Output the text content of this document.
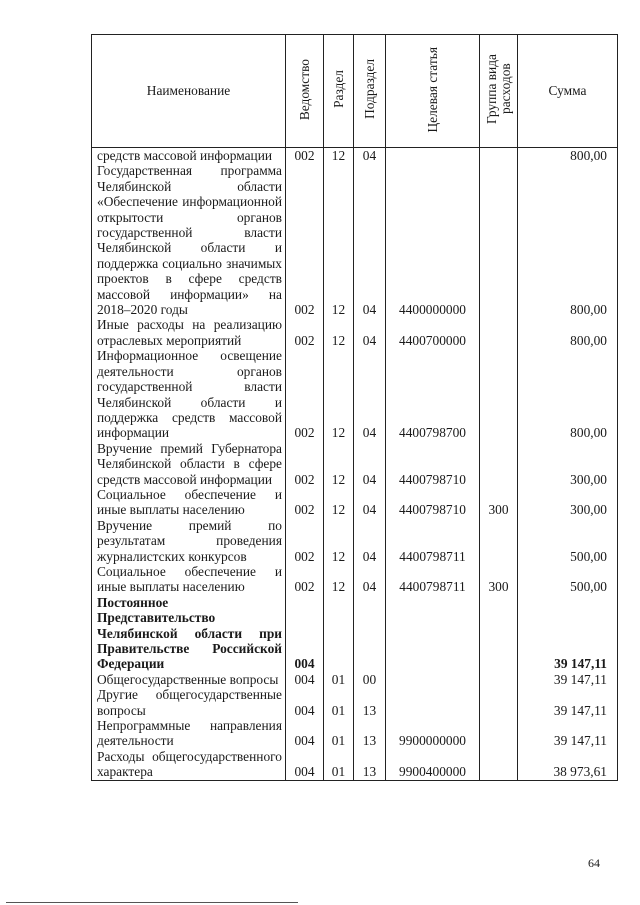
Наименование	Ведомство	Раздел	Подраздел	Целевая статья	Группа вида расходов	Сумма
средств массовой информации	002	12	04			800,00
Государственная программа Челябинской области «Обеспечение информационной открытости органов государственной власти Челябинской области и поддержка социально значимых проектов в сфере средств массовой информации» на 2018–2020 годы	002	12	04	4400000000		800,00
Иные расходы на реализацию отраслевых мероприятий	002	12	04	4400700000		800,00
Информационное освещение деятельности органов государственной власти Челябинской области и поддержка средств массовой информации	002	12	04	4400798700		800,00
Вручение премий Губернатора Челябинской области в сфере средств массовой информации	002	12	04	4400798710		300,00
Социальное обеспечение и иные выплаты населению	002	12	04	4400798710	300	300,00
Вручение премий по результатам проведения журналистских конкурсов	002	12	04	4400798711		500,00
Социальное обеспечение и иные выплаты населению	002	12	04	4400798711	300	500,00
Постоянное Представительство Челябинской области при Правительстве Российской Федерации	004					39 147,11
Общегосударственные вопросы	004	01	00			39 147,11
Другие общегосударственные вопросы	004	01	13			39 147,11
Непрограммные направления деятельности	004	01	13	9900000000		39 147,11
Расходы общегосударственного характера	004	01	13	9900400000		38 973,61
64
